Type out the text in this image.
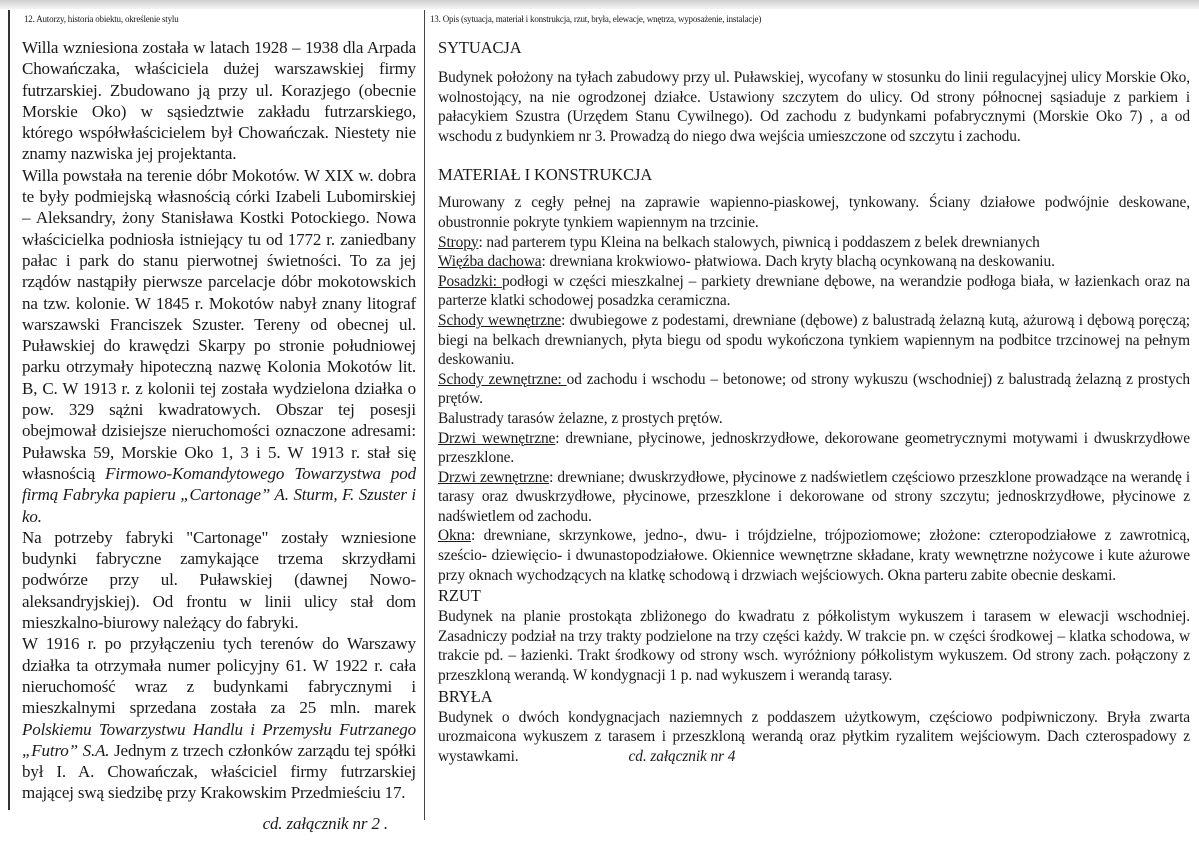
12. Autorzy, historia obiektu, określenie stylu	13. Opis (sytuacja, materiał i konstrukcja, rzut, bryła, elewacje, wnętrza, wyposażenie, instalacje)

Willa wzniesiona została w latach 1928 – 1938 dla Arpada Chowańczaka, właściciela dużej warszawskiej firmy futrzarskiej. Zbudowano ją przy ul. Korazjego (obecnie Morskie Oko) w sąsiedztwie zakładu futrzarskiego, którego współwłaścicielem był Chowańczak. Niestety nie znamy nazwiska jej projektanta.

Willa powstała na terenie dóbr Mokotów. W XIX w. dobra te były podmiejską własnością córki Izabeli Lubomirskiej – Aleksandry, żony Stanisława Kostki Potockiego. Nowa właścicielka podniosła istniejący tu od 1772 r. zaniedbany pałac i park do stanu pierwotnej świetności. To za jej rządów nastąpiły pierwsze parcelacje dóbr mokotowskich na tzw. kolonie. W 1845 r. Mokotów nabył znany litograf warszawski Franciszek Szuster. Tereny od obecnej ul. Puławskiej do krawędzi Skarpy po stronie południowej parku otrzymały hipoteczną nazwę Kolonia Mokotów lit. B, C. W 1913 r. z kolonii tej została wydzielona działka o pow. 329 sążni kwadratowych. Obszar tej posesji obejmował dzisiejsze nieruchomości oznaczone adresami: Puławska 59, Morskie Oko 1, 3 i 5. W 1913 r. stał się własnością Firmowo-Komandytowego Towarzystwa pod firmą Fabryka papieru „Cartonage” A. Sturm, F. Szuster i ko.

Na potrzeby fabryki "Cartonage" zostały wzniesione budynki fabryczne zamykające trzema skrzydłami podwórze przy ul. Puławskiej (dawnej Nowo-aleksandryjskiej). Od frontu w linii ulicy stał dom mieszkalno-biurowy należący do fabryki.

W 1916 r. po przyłączeniu tych terenów do Warszawy działka ta otrzymała numer policyjny 61. W 1922 r. cała nieruchomość wraz z budynkami fabrycznymi i mieszkalnymi sprzedana została za 25 mln. marek Polskiemu Towarzystwu Handlu i Przemysłu Futrzanego „Futro” S.A. Jednym z trzech członków zarządu tej spółki był I. A. Chowańczak, właściciel firmy futrzarskiej mającej swą siedzibę przy Krakowskim Przedmieściu 17.

cd. załącznik nr 2 .

SYTUACJA

Budynek położony na tyłach zabudowy przy ul. Puławskiej, wycofany w stosunku do linii regulacyjnej ulicy Morskie Oko, wolnostojący, na nie ogrodzonej działce. Ustawiony szczytem do ulicy. Od strony północnej sąsiaduje z parkiem i pałacykiem Szustra (Urzędem Stanu Cywilnego). Od zachodu z budynkami pofabrycznymi (Morskie Oko 7) , a od wschodu z budynkiem nr 3. Prowadzą do niego dwa wejścia umieszczone od szczytu i zachodu.

MATERIAŁ I KONSTRUKCJA

Murowany z cegły pełnej na zaprawie wapienno-piaskowej, tynkowany. Ściany działowe podwójnie deskowane, obustronnie pokryte tynkiem wapiennym na trzcinie.

Stropy: nad parterem typu Kleina na belkach stalowych, piwnicą i poddaszem z belek drewnianych

Więźba dachowa: drewniana krokwiowo- płatwiowa. Dach kryty blachą ocynkowaną na deskowaniu.

Posadzki: podłogi w części mieszkalnej – parkiety drewniane dębowe, na werandzie podłoga biała, w łazienkach oraz na parterze klatki schodowej posadzka ceramiczna.

Schody wewnętrzne: dwubiegowe z podestami, drewniane (dębowe) z balustradą żelazną kutą, ażurową i dębową poręczą; biegi na belkach drewnianych, płyta biegu od spodu wykończona tynkiem wapiennym na podbitce trzcinowej na pełnym deskowaniu.

Schody zewnętrzne: od zachodu i wschodu – betonowe; od strony wykuszu (wschodniej) z balustradą żelazną z prostych prętów.

Balustrady tarasów żelazne, z prostych prętów.

Drzwi wewnętrzne: drewniane, płycinowe, jednoskrzydłowe, dekorowane geometrycznymi motywami i dwuskrzydłowe przeszklone.

Drzwi zewnętrzne: drewniane; dwuskrzydłowe, płycinowe z nadświetlem częściowo przeszklone prowadzące na werandę i tarasy oraz dwuskrzydłowe, płycinowe, przeszklone i dekorowane od strony szczytu; jednoskrzydłowe, płycinowe z nadświetlem od zachodu.

Okna: drewniane, skrzynkowe, jedno-, dwu- i trójdzielne, trójpoziomowe; złożone: czteropodziałowe z zawrotnicą, sześcio- dziewięcio- i dwunastopodziałowe. Okiennice wewnętrzne składane, kraty wewnętrzne nożycowe i kute ażurowe przy oknach wychodzących na klatkę schodową i drzwiach wejściowych. Okna parteru zabite obecnie deskami.

RZUT

Budynek na planie prostokąta zbliżonego do kwadratu z półkolistym wykuszem i tarasem w elewacji wschodniej. Zasadniczy podział na trzy trakty podzielone na trzy części każdy. W trakcie pn. w części środkowej – klatka schodowa, w trakcie pd. – łazienki. Trakt środkowy od strony wsch. wyróżniony półkolistym wykuszem. Od strony zach. połączony z przeszkloną werandą. W kondygnacji 1 p. nad wykuszem i werandą tarasy.

BRYŁA

Budynek o dwóch kondygnacjach naziemnych z poddaszem użytkowym, częściowo podpiwniczony. Bryła zwarta urozmaicona wykuszem z tarasem i przeszkloną werandą oraz płytkim ryzalitem wejściowym. Dach czterospadowy z wystawkami.	cd. załącznik nr 4
